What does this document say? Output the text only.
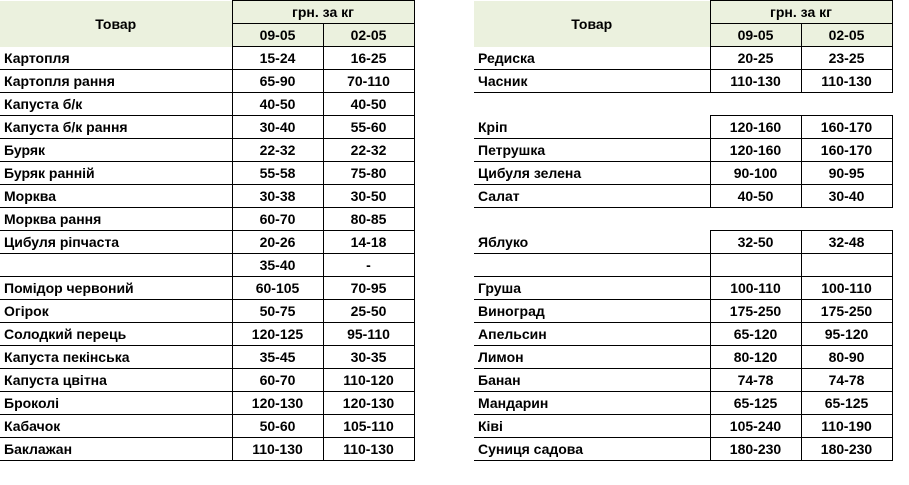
Товар	грн. за кг	
	09-05	02-05
Картопля	15-24	16-25
Картопля рання	65-90	70-110
Капуста б/к	40-50	40-50
Капуста б/к рання	30-40	55-60
Буряк	22-32	22-32
Буряк ранній	55-58	75-80
Морква	30-38	30-50
Морква рання	60-70	80-85
Цибуля ріпчаста	20-26	14-18
	35-40	-
Помідор червоний	60-105	70-95
Огірок	50-75	25-50
Солодкий перець	120-125	95-110
Капуста пекінська	35-45	30-35
Капуста цвітна	60-70	110-120
Броколі	120-130	120-130
Кабачок	50-60	105-110
Баклажан	110-130	110-130
Товар	грн. за кг	
	09-05	02-05
Редиска	20-25	23-25
Часник	110-130	110-130

Кріп	120-160	160-170
Петрушка	120-160	160-170
Цибуля зелена	90-100	90-95
Салат	40-50	30-40

Яблуко	32-50	32-48

Груша	100-110	100-110
Виноград	175-250	175-250
Апельсин	65-120	95-120
Лимон	80-120	80-90
Банан	74-78	74-78
Мандарин	65-125	65-125
Ківі	105-240	110-190
Суниця садова	180-230	180-230
